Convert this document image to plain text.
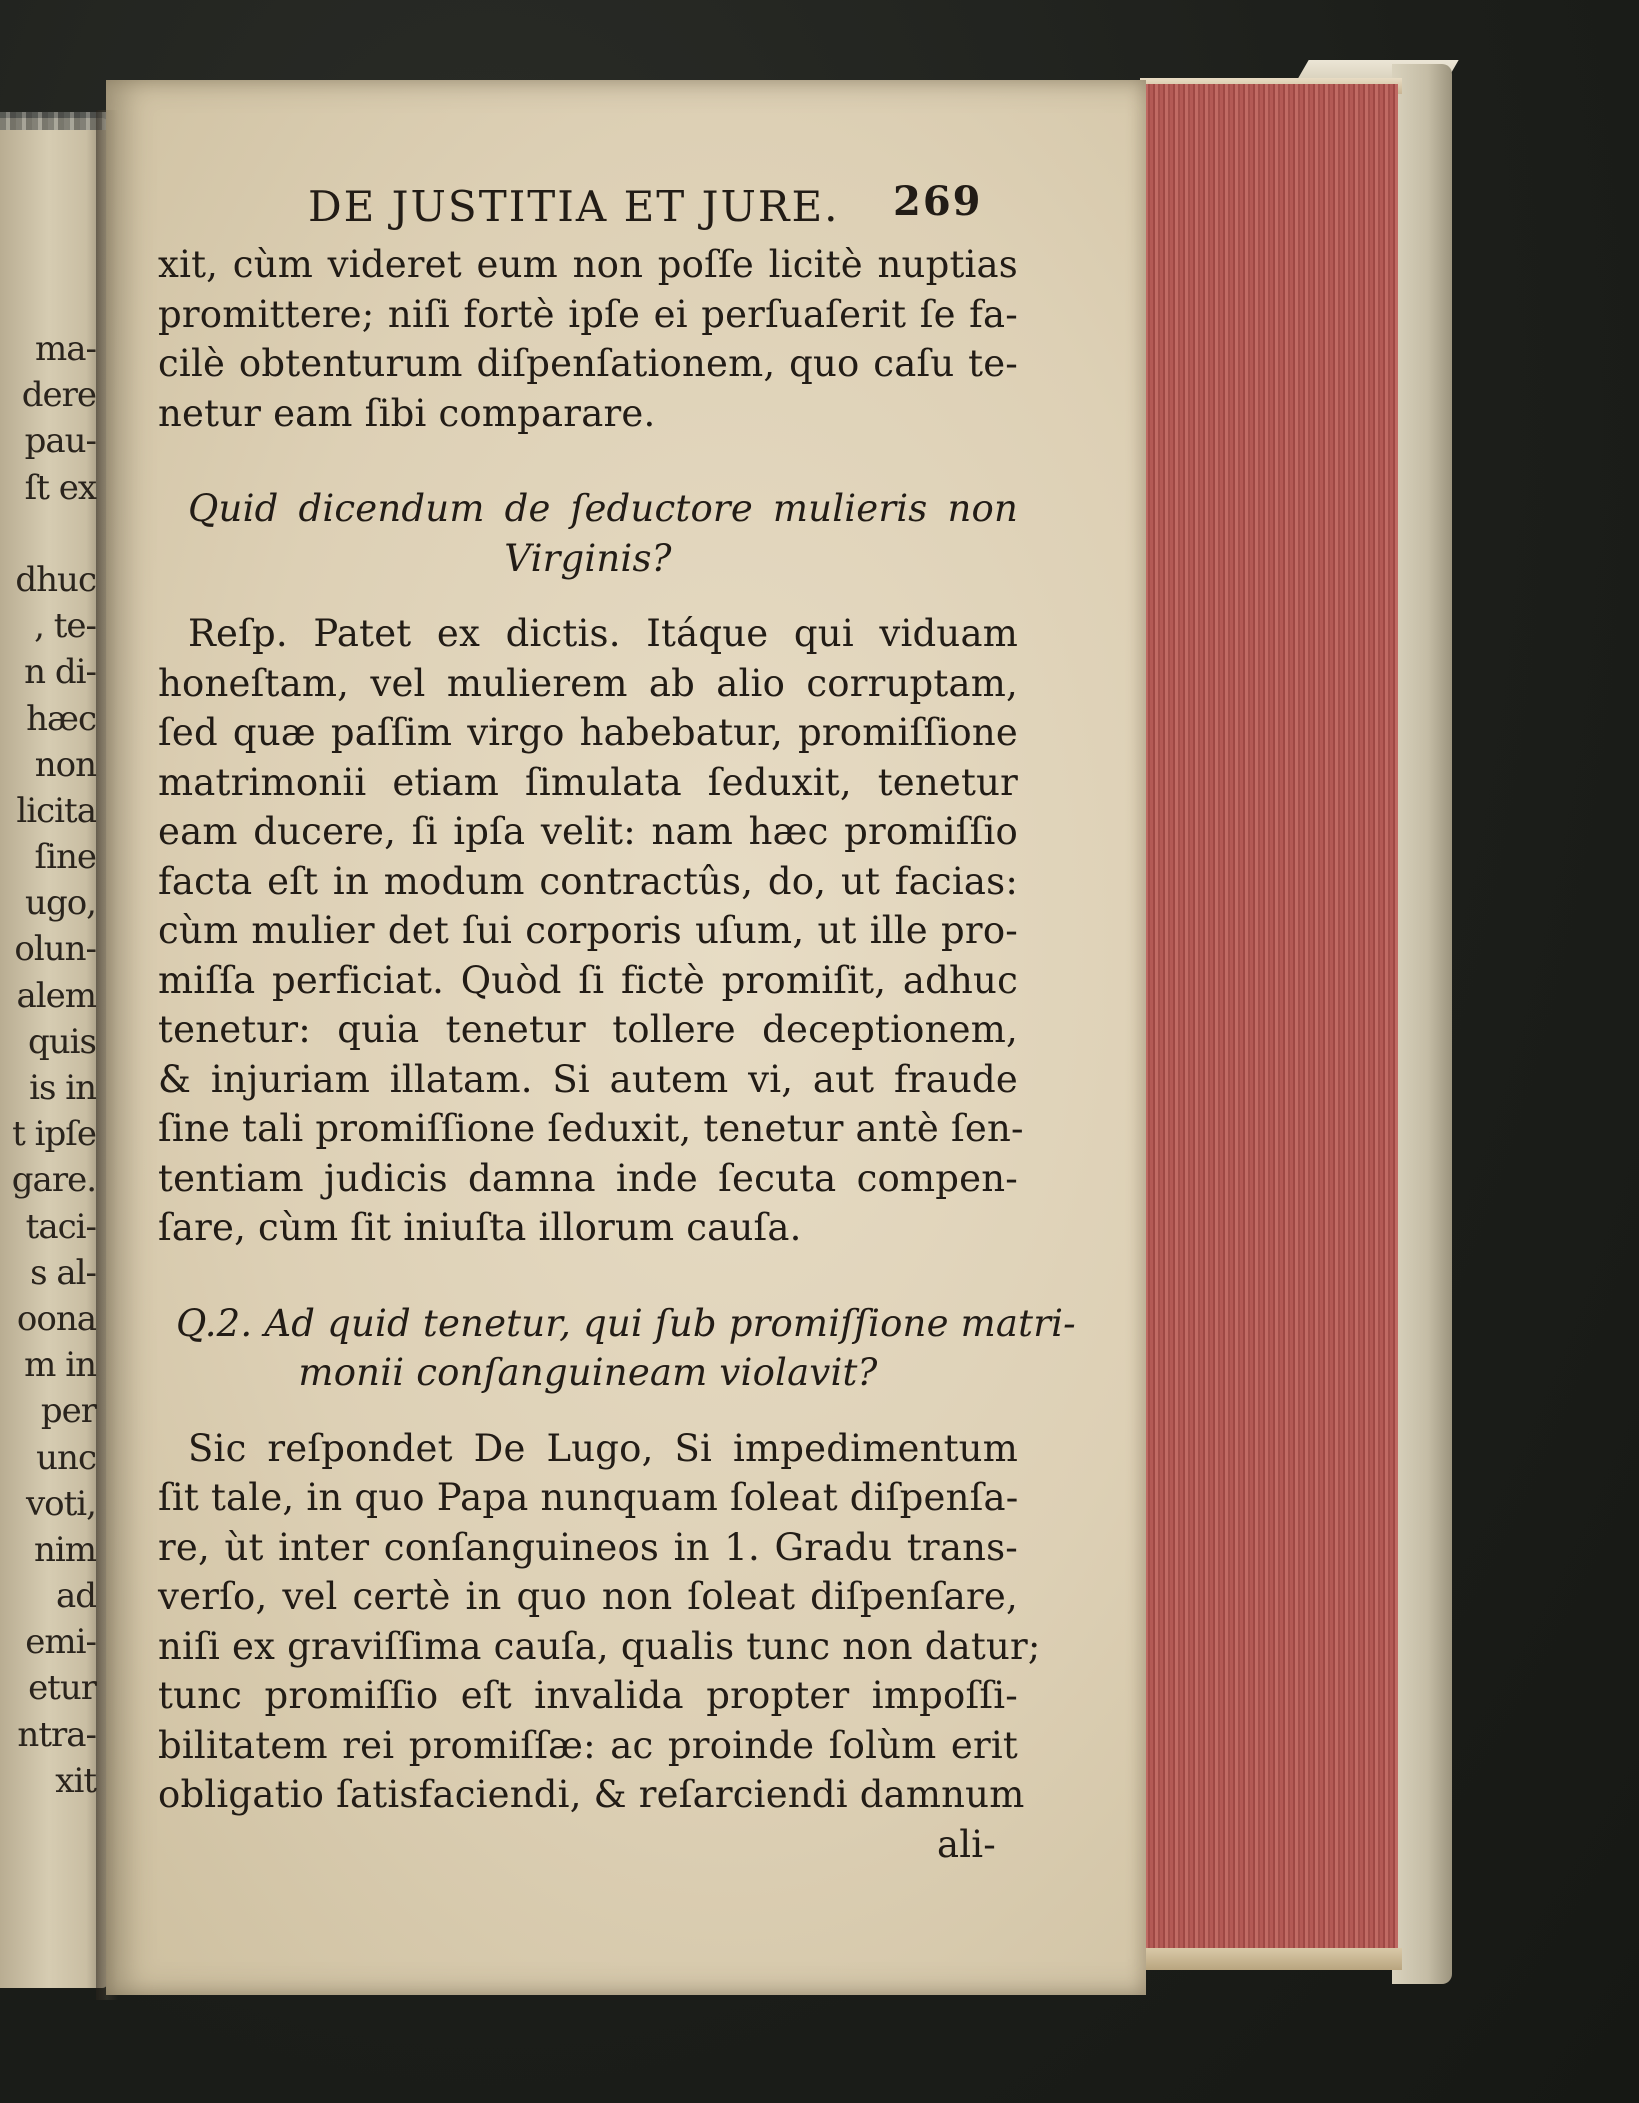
ma-
dere
pau-
ſt ex
dhuc
, te-
n di-
hæc
non
licita
ſine
ugo,
olun-
alem
quis
is in
t ipſe
gare.
taci-
s al-
oona
m in
per
unc
voti,
nim
ad
emi-
etur
ntra-
xit
DE JUSTITIA ET JURE. 269
xit, cùm videret eum non poſſe licitè nuptias
promittere; niſi fortè ipſe ei perſuaſerit ſe fa-
cilè obtenturum diſpenſationem, quo caſu te-
netur eam ſibi comparare.
Quid dicendum de ſeductore mulieris non
Virginis?
Reſp. Patet ex dictis. Itáque qui viduam
honeſtam, vel mulierem ab alio corruptam,
ſed quæ paſſim virgo habebatur, promiſſione
matrimonii etiam ſimulata ſeduxit, tenetur
eam ducere, ſi ipſa velit: nam hæc promiſſio
facta eſt in modum contractûs, do, ut facias:
cùm mulier det ſui corporis uſum, ut ille pro-
miſſa perficiat. Quòd ſi fictè promiſit, adhuc
tenetur: quia tenetur tollere deceptionem,
& injuriam illatam. Si autem vi, aut fraude
ſine tali promiſſione ſeduxit, tenetur antè ſen-
tentiam judicis damna inde ſecuta compen-
ſare, cùm ſit iniuſta illorum cauſa.
Q.2. Ad quid tenetur, qui ſub promiſſione matri-
monii conſanguineam violavit?
Sic reſpondet De Lugo, Si impedimentum
ſit tale, in quo Papa nunquam ſoleat diſpenſa-
re, ùt inter conſanguineos in 1. Gradu trans-
verſo, vel certè in quo non ſoleat diſpenſare,
niſi ex graviſſima cauſa, qualis tunc non datur;
tunc promiſſio eſt invalida propter impoſſi-
bilitatem rei promiſſæ: ac proinde ſolùm erit
obligatio ſatisfaciendi, & reſarciendi damnum
ali-
